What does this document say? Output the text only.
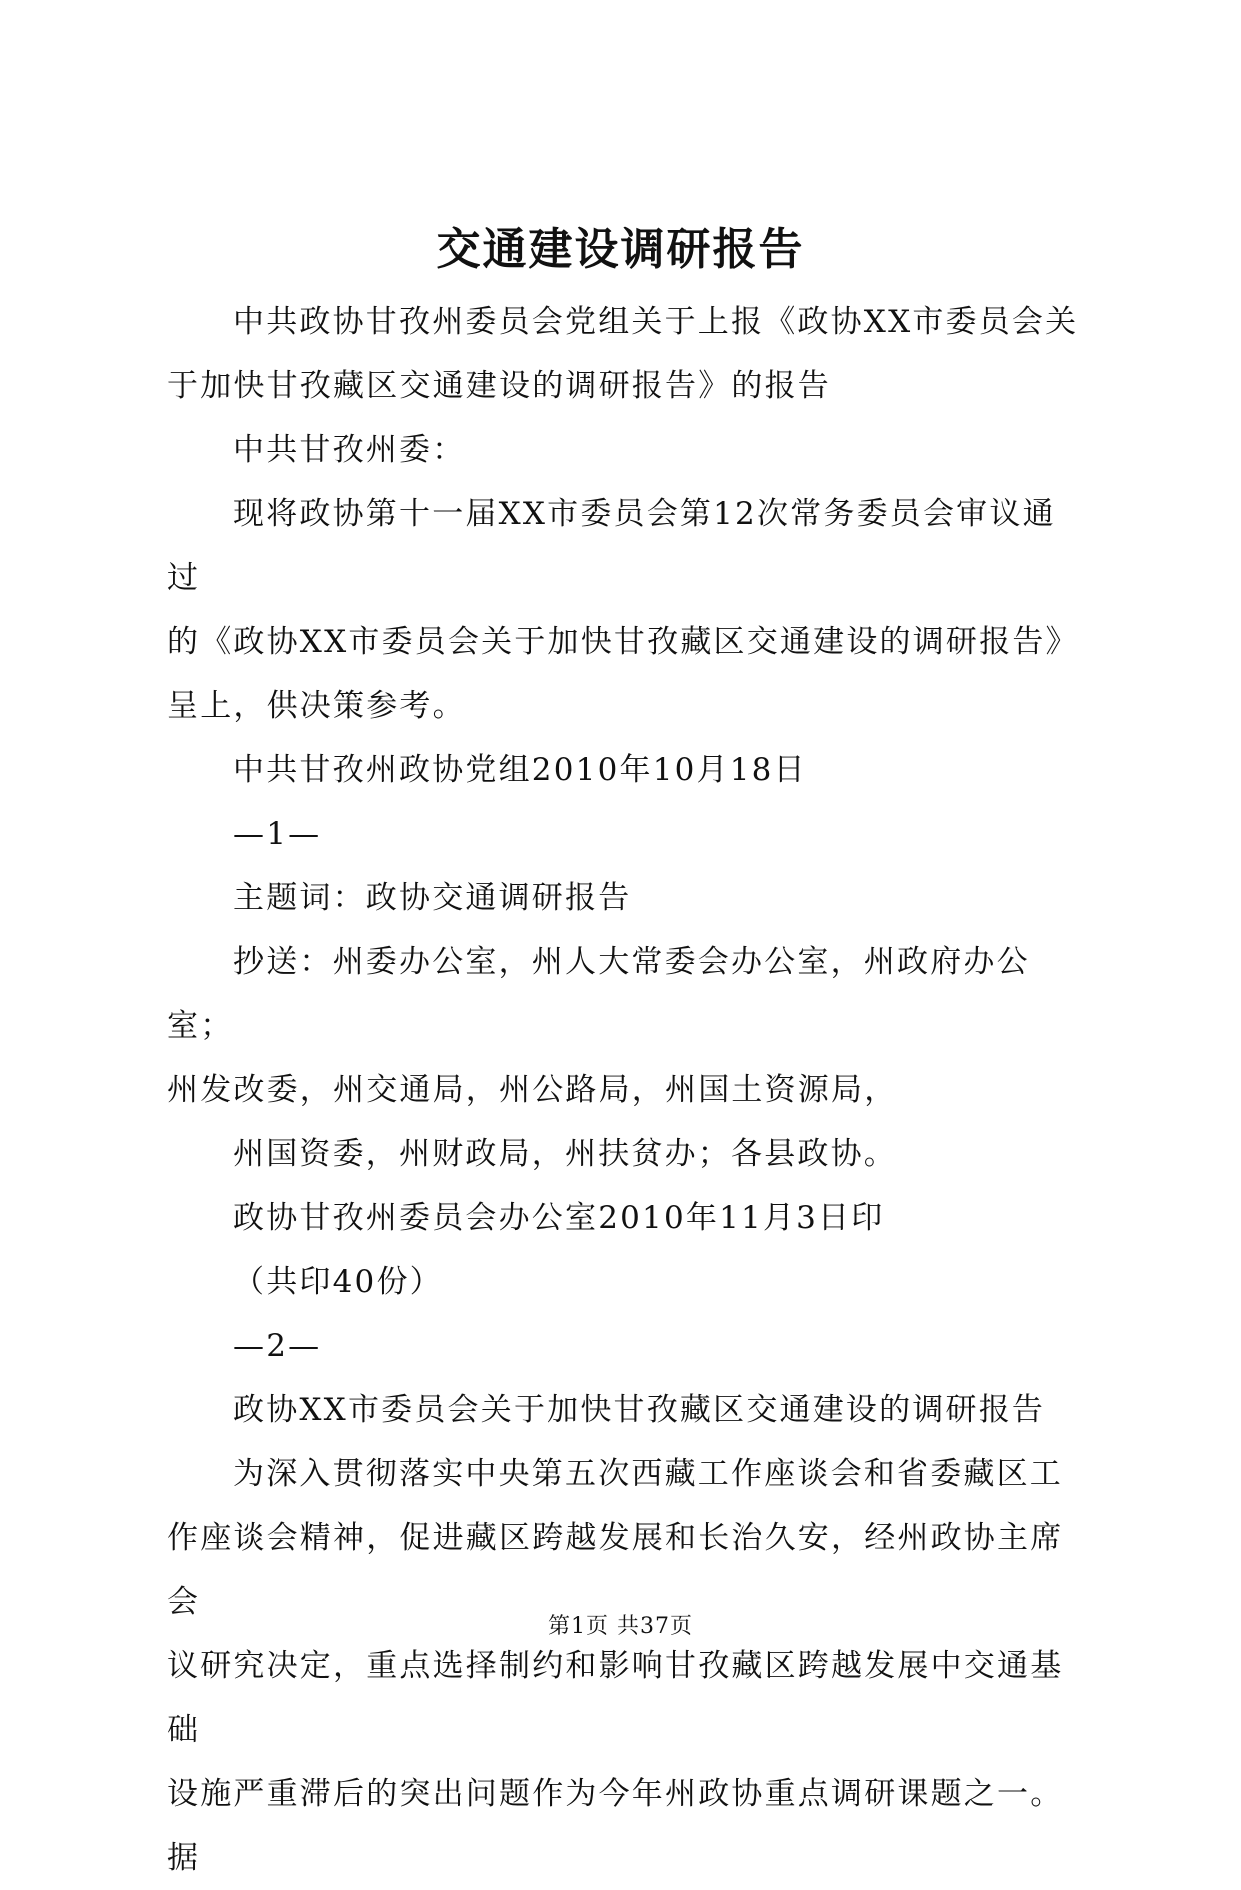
交通建设调研报告

中共政协甘孜州委员会党组关于上报《政协XX市委员会关
于加快甘孜藏区交通建设的调研报告》的报告

中共甘孜州委：

现将政协第十一届XX市委员会第12次常务委员会审议通过
的《政协XX市委员会关于加快甘孜藏区交通建设的调研报告》
呈上，供决策参考。

中共甘孜州政协党组2010年10月18日

—1—

主题词：政协交通调研报告

抄送：州委办公室，州人大常委会办公室，州政府办公室；
州发改委，州交通局，州公路局，州国土资源局，

州国资委，州财政局，州扶贫办；各县政协。

政协甘孜州委员会办公室2010年11月3日印

（共印40份）

—2—

政协XX市委员会关于加快甘孜藏区交通建设的调研报告

为深入贯彻落实中央第五次西藏工作座谈会和省委藏区工
作座谈会精神，促进藏区跨越发展和长治久安，经州政协主席会
议研究决定，重点选择制约和影响甘孜藏区跨越发展中交通基础
设施严重滞后的突出问题作为今年州政协重点调研课题之一。据

第1页 共37页
